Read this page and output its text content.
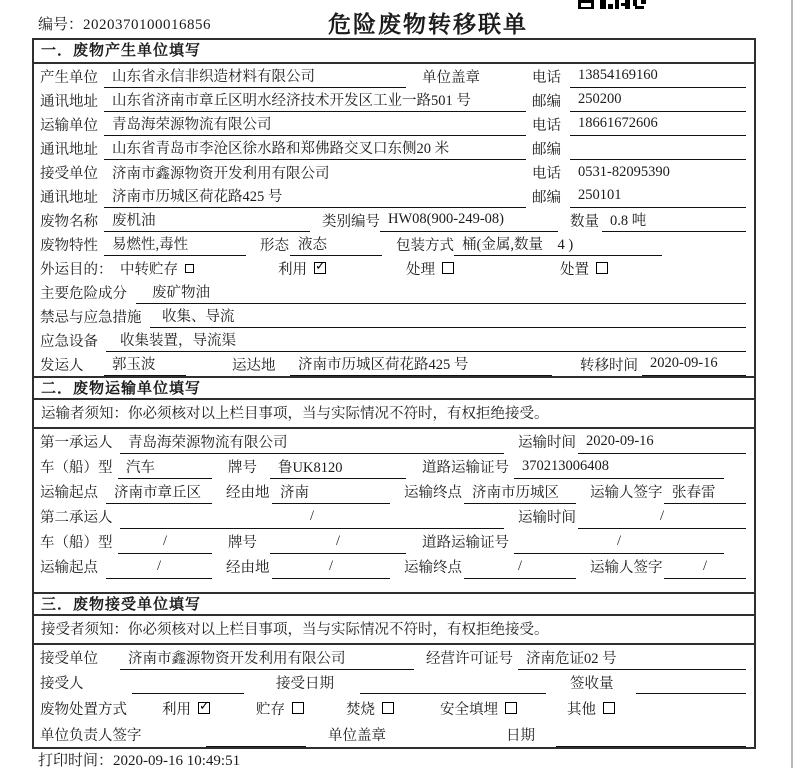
编号：2020370100016856	危险废物转移联单
一．废物产生单位填写
产生单位 山东省永信非织造材料有限公司	单位盖章	电话	13854169160
通讯地址 山东省济南市章丘区明水经济技术开发区工业一路501 号	邮编	250200
运输单位 青岛海荣源物流有限公司	电话	18661672606
通讯地址 山东省青岛市李沧区徐水路和郑佛路交叉口东侧20 米	邮编
接受单位 济南市鑫源物资开发利用有限公司	电话	0531-82095390
通讯地址 济南市历城区荷花路425 号	邮编	250101
废物名称 废机油	类别编号 HW08(900-249-08)	数量 0.8 吨
废物特性 易燃性,毒性	形态 液态	包装方式 桶(金属,数量　4 )
外运目的： 中转贮存	利用 ✓	处理	处置
主要危险成分	废矿物油
禁忌与应急措施	收集、导流
应急设备	收集装置，导流渠
发运人	郭玉波	运达地	济南市历城区荷花路425 号	转移时间 2020-09-16
二．废物运输单位填写
运输者须知：你必须核对以上栏目事项，当与实际情况不符时，有权拒绝接受。
第一承运人	青岛海荣源物流有限公司	运输时间 2020-09-16
车（船）型 汽车	牌号	鲁UK8120	道路运输证号 370213006408
运输起点	济南市章丘区	经由地 济南	运输终点 济南市历城区	运输人签字 张春雷
第二承运人	/	运输时间	/
车（船）型	/	牌号	/	道路运输证号	/
运输起点	/	经由地	/	运输终点	/	运输人签字	/
三．废物接受单位填写
接受者须知：你必须核对以上栏目事项，当与实际情况不符时，有权拒绝接受。
接受单位	济南市鑫源物资开发利用有限公司	经营许可证号 济南危证02 号
接受人	接受日期	签收量
废物处置方式 利用 ✓	贮存	焚烧	安全填埋	其他
单位负责人签字	单位盖章	日期
打印时间：2020-09-16 10:49:51
